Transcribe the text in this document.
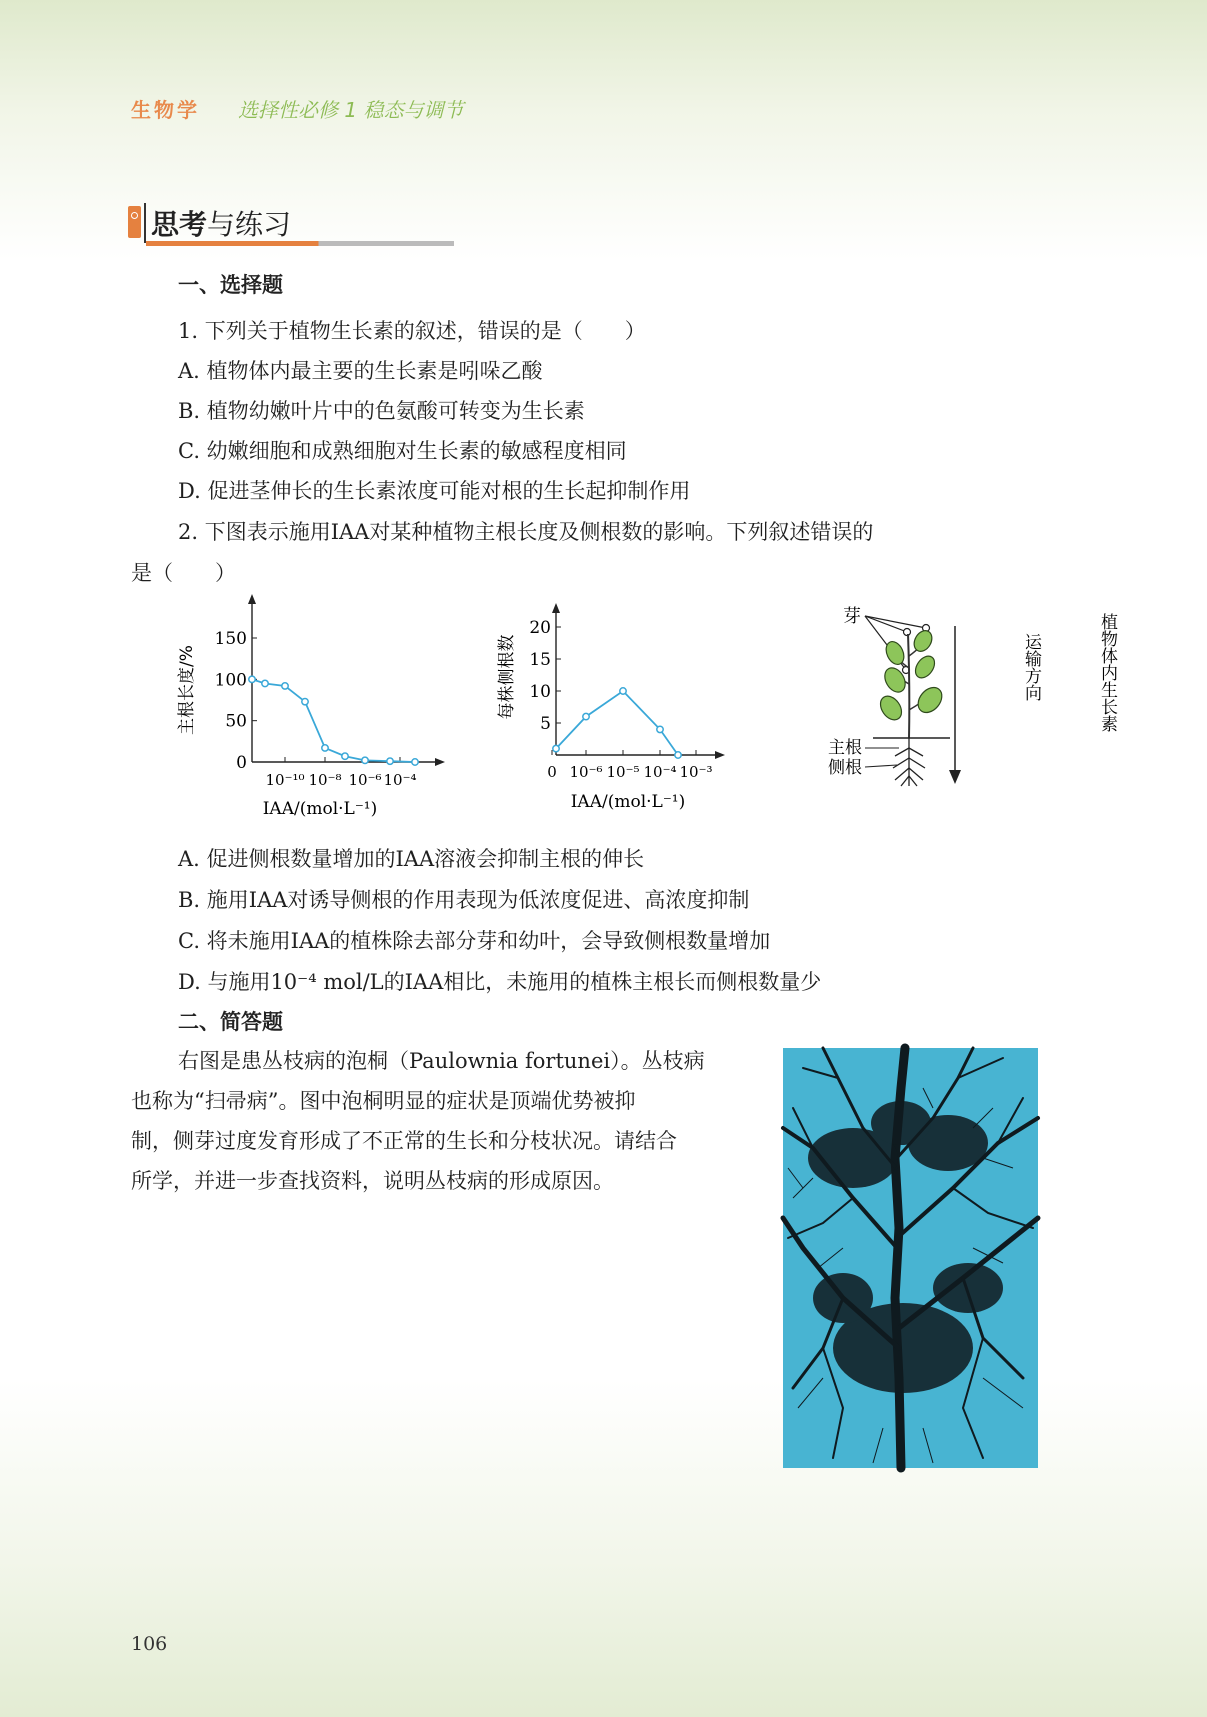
生物学 选择性必修 1 稳态与调节
思考与练习
一、选择题
1. 下列关于植物生长素的叙述，错误的是（　　）
A. 植物体内最主要的生长素是吲哚乙酸
B. 植物幼嫩叶片中的色氨酸可转变为生长素
C. 幼嫩细胞和成熟细胞对生长素的敏感程度相同
D. 促进茎伸长的生长素浓度可能对根的生长起抑制作用
2. 下图表示施用IAA对某种植物主根长度及侧根数的影响。下列叙述错误的
是（　　）
0
50
100
150
10⁻¹⁰ 10⁻⁸ 10⁻⁶ 10⁻⁴
主根长度/%
IAA/(mol·L⁻¹)
5
10
15
20
0 10⁻⁶ 10⁻⁵ 10⁻⁴ 10⁻³
每株侧根数
IAA/(mol·L⁻¹)
芽
主根
侧根
运输方向
植物体内生长素
A. 促进侧根数量增加的IAA溶液会抑制主根的伸长
B. 施用IAA对诱导侧根的作用表现为低浓度促进、高浓度抑制
C. 将未施用IAA的植株除去部分芽和幼叶，会导致侧根数量增加
D. 与施用10⁻⁴ mol/L的IAA相比，未施用的植株主根长而侧根数量少
二、简答题
右图是患丛枝病的泡桐（Paulownia fortunei）。丛枝病
也称为“扫帚病”。图中泡桐明显的症状是顶端优势被抑
制，侧芽过度发育形成了不正常的生长和分枝状况。请结合
所学，并进一步查找资料，说明丛枝病的形成原因。
106
